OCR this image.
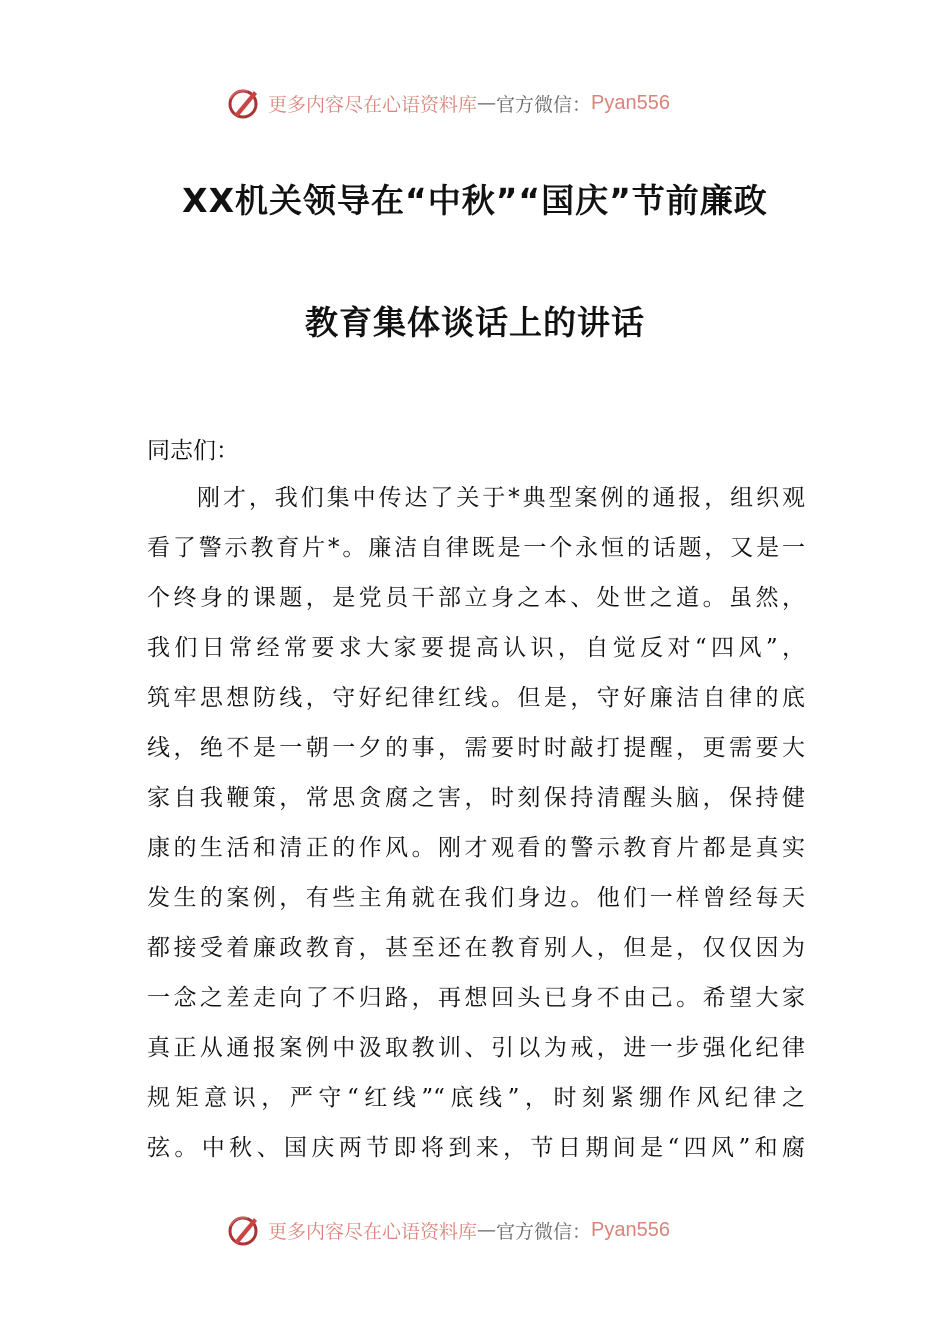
更多内容尽在心语资料库 — 官方微信： Pyan556
XX机关领导在“中秋”“国庆”节前廉政
教育集体谈话上的讲话
同志们：
刚才，我们集中传达了关于*典型案例的通报，组织观
看了警示教育片*。廉洁自律既是一个永恒的话题，又是一
个终身的课题，是党员干部立身之本、处世之道。虽然，
我们日常经常要求大家要提高认识，自觉反对“四风”，
筑牢思想防线，守好纪律红线。但是，守好廉洁自律的底
线，绝不是一朝一夕的事，需要时时敲打提醒，更需要大
家自我鞭策，常思贪腐之害，时刻保持清醒头脑，保持健
康的生活和清正的作风。刚才观看的警示教育片都是真实
发生的案例，有些主角就在我们身边。他们一样曾经每天
都接受着廉政教育，甚至还在教育别人，但是，仅仅因为
一念之差走向了不归路，再想回头已身不由己。希望大家
真正从通报案例中汲取教训、引以为戒，进一步强化纪律
规矩意识，严守“红线”“底线”，时刻紧绷作风纪律之
弦。中秋、国庆两节即将到来，节日期间是“四风”和腐
更多内容尽在心语资料库 — 官方微信： Pyan556
